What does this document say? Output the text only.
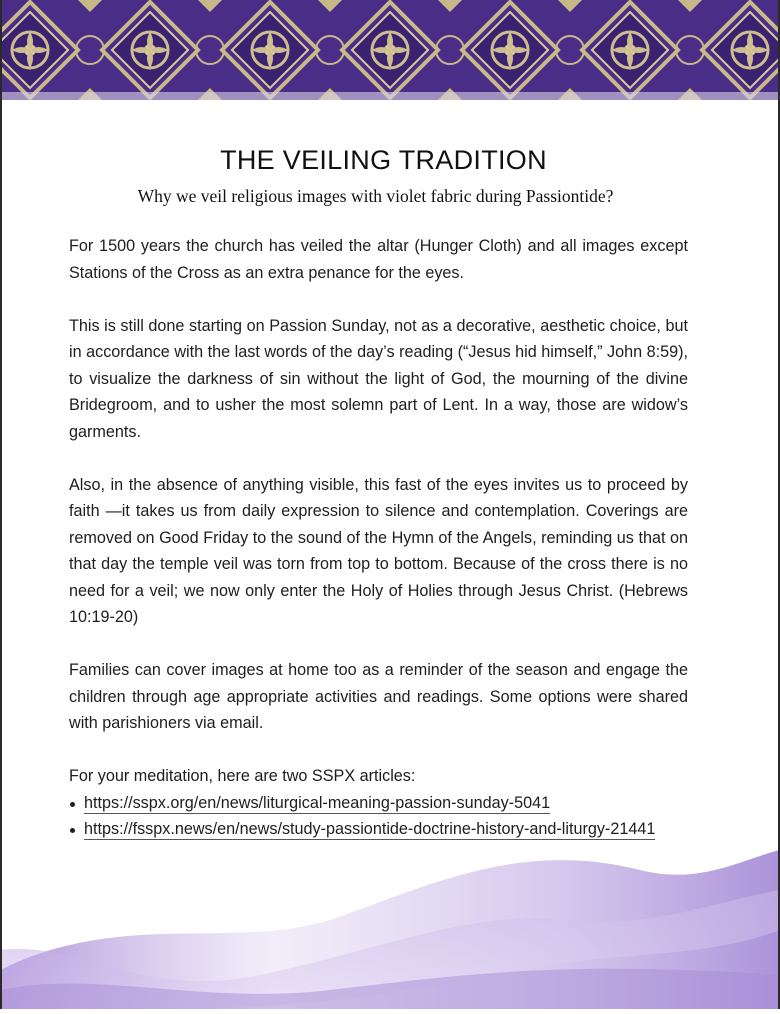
THE VEILING TRADITION
Why we veil religious images with violet fabric during Passiontide?

For 1500 years the church has veiled the altar (Hunger Cloth) and all images except Stations of the Cross as an extra penance for the eyes.

This is still done starting on Passion Sunday, not as a decorative, aesthetic choice, but in accordance with the last words of the day’s reading (“Jesus hid himself,” John 8:59), to visualize the darkness of sin without the light of God, the mourning of the divine Bridegroom, and to usher the most solemn part of Lent. In a way, those are widow’s garments.

Also, in the absence of anything visible, this fast of the eyes invites us to proceed by faith —it takes us from daily expression to silence and contemplation. Coverings are removed on Good Friday to the sound of the Hymn of the Angels, reminding us that on that day the temple veil was torn from top to bottom. Because of the cross there is no need for a veil; we now only enter the Holy of Holies through Jesus Christ. (Hebrews 10:19-20)

Families can cover images at home too as a reminder of the season and engage the children through age appropriate activities and readings. Some options were shared with parishioners via email.

For your meditation, here are two SSPX articles:
https://sspx.org/en/news/liturgical-meaning-passion-sunday-5041
https://fsspx.news/en/news/study-passiontide-doctrine-history-and-liturgy-21441
